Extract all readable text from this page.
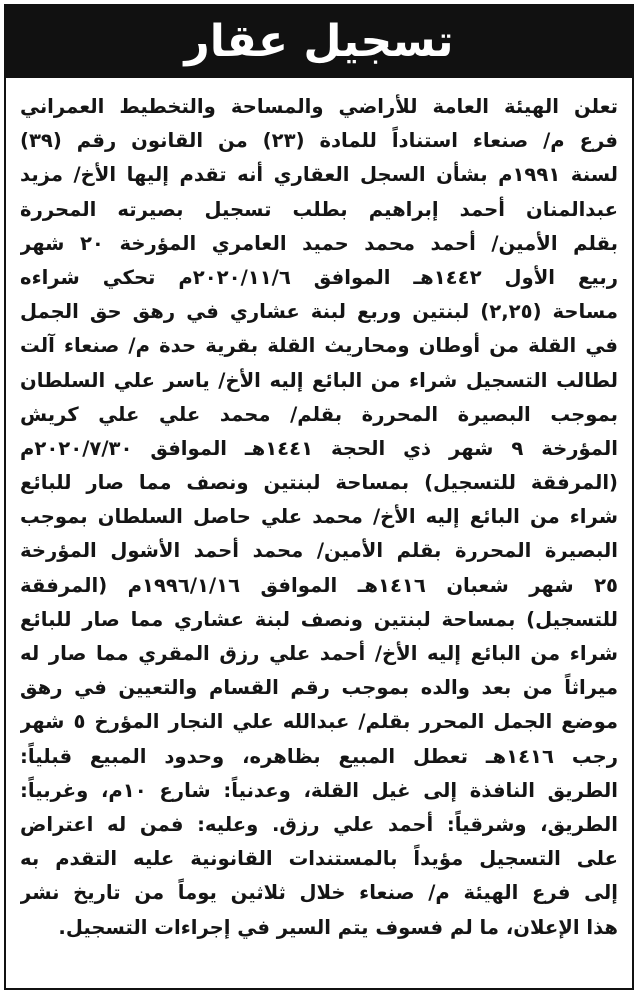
تسجيل عقار
تعلن الهيئة العامة للأراضي والمساحة والتخطيط العمراني
فرع م/ صنعاء استناداً للمادة (٢٣) من القانون رقم (٣٩)
لسنة ١٩٩١م بشأن السجل العقاري أنه تقدم إليها الأخ/ مزيد
عبدالمنان أحمد إبراهيم بطلب تسجيل بصيرته المحررة
بقلم الأمين/ أحمد محمد حميد العامري المؤرخة ٢٠ شهر
ربيع الأول ١٤٤٢هـ الموافق ٢٠٢٠/١١/٦م تحكي شراءه
مساحة (٢,٢٥) لبنتين وربع لبنة عشاري في رهق حق الجمل
في القلة من أوطان ومحاريث القلة بقرية حدة م/ صنعاء آلت
لطالب التسجيل شراء من البائع إليه الأخ/ ياسر علي السلطان
بموجب البصيرة المحررة بقلم/ محمد علي علي كريش
المؤرخة ٩ شهر ذي الحجة ١٤٤١هـ الموافق ٢٠٢٠/٧/٣٠م
(المرفقة للتسجيل) بمساحة لبنتين ونصف مما صار للبائع
شراء من البائع إليه الأخ/ محمد علي حاصل السلطان بموجب
البصيرة المحررة بقلم الأمين/ محمد أحمد الأشول المؤرخة
٢٥ شهر شعبان ١٤١٦هـ الموافق ١٩٩٦/١/١٦م (المرفقة
للتسجيل) بمساحة لبنتين ونصف لبنة عشاري مما صار للبائع
شراء من البائع إليه الأخ/ أحمد علي رزق المقري مما صار له
ميراثاً من بعد والده بموجب رقم القسام والتعيين في رهق
موضع الجمل المحرر بقلم/ عبدالله علي النجار المؤرخ ٥ شهر
رجب ١٤١٦هـ تعطل المبيع بظاهره، وحدود المبيع قبلياً:
الطريق النافذة إلى غيل القلة، وعدنياً: شارع ١٠م، وغربياً:
الطريق، وشرقياً: أحمد علي رزق. وعليه: فمن له اعتراض
على التسجيل مؤيداً بالمستندات القانونية عليه التقدم به
إلى فرع الهيئة م/ صنعاء خلال ثلاثين يوماً من تاريخ نشر
هذا الإعلان، ما لم فسوف يتم السير في إجراءات التسجيل.
